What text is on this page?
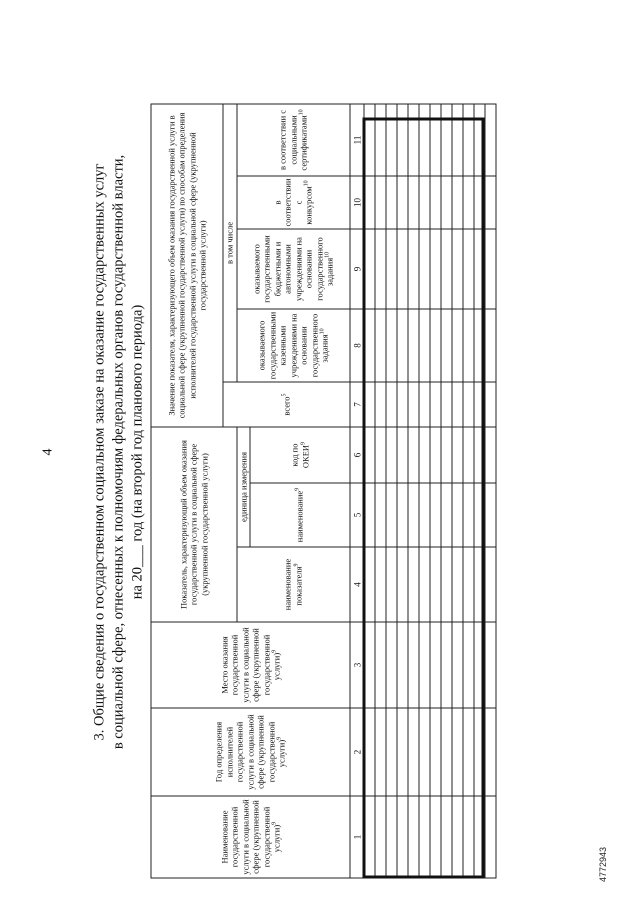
4 3. Общие сведения о государственном социальном заказе на оказание государственных услуг в социальной сфере, отнесенных к полномочиям федеральных органов государственной власти, на 20___ год (на второй год планового периода)
Наименование государственной услуги в социальной сфере (укрупненной государственной услуги)$^9$	Год определения исполнителей государственной услуги в социальной сфере (укрупненной государственной услуги)$^9$	Место оказания государственной услуги в социальной сфере (укрупненной государственной услуги)$^9$	Показатель, характеризующий объем оказания государственной услуги в социальной сфере (укрупненной государственной услуги)			Значение показателя, характеризующего объем оказания государственной услуги в социальной сфере (укрупненной государственной услуги) по способам определения исполнителей государственной услуги в социальной сфере (укрупненной государственной услуги)				
						всего$^5$	в том числе			
			наименование показателя$^9$	единица измерения			оказываемого государственными казенными учреждениями на основании государственного задания$^{10}$	оказываемого государственными бюджетными и автономными учреждениями на основании государственного задания$^{10}$	в соответствии с конкурсом$^{10}$	в соответствии с социальными сертификатами$^{10}$
				наименование$^9$	код по ОКЕИ$^9$
1	2	3	4	5	6	7	8	9	10	11

4772943
